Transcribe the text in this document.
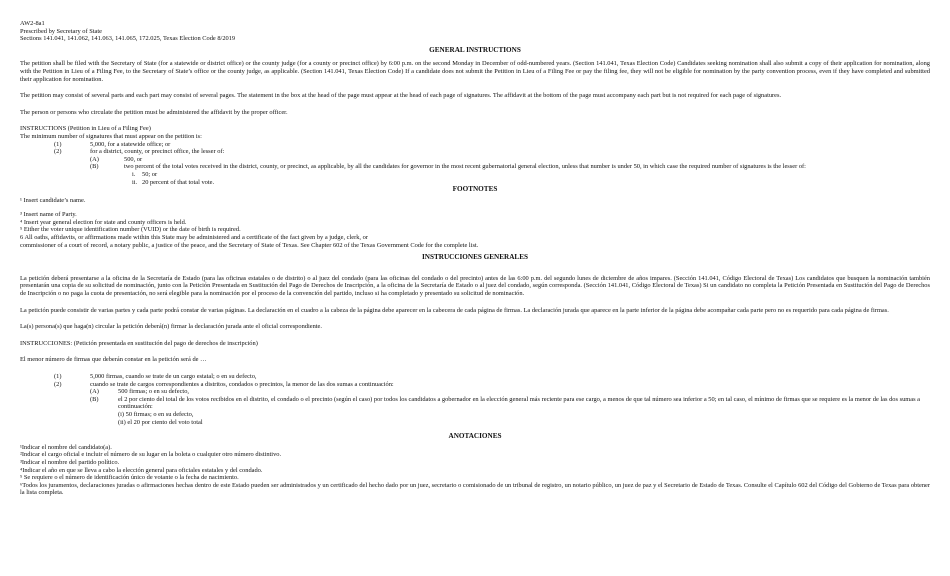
AW2-8a1
Prescribed by Secretary of State
Sections 141.041, 141.062, 141.063, 141.065, 172.025, Texas Election Code 8/2019
GENERAL INSTRUCTIONS

The petition shall be filed with the Secretary of State (for a statewide or district office) or the county judge (for a county or precinct office) by 6:00 p.m. on the second Monday in December of odd-numbered years. (Section 141.041, Texas Election Code) Candidates seeking nomination shall also submit a copy of their application for nomination, along with the Petition in Lieu of a Filing Fee, to the Secretary of State’s office or the county judge, as applicable. (Section 141.041, Texas Election Code) If a candidate does not submit the Petition in Lieu of a Filing Fee or pay the filing fee, they will not be eligible for nomination by the party convention process, even if they have completed and submitted their application for nomination.

The petition may consist of several parts and each part may consist of several pages. The statement in the box at the head of the page must appear at the head of each page of signatures. The affidavit at the bottom of the page must accompany each part but is not required for each page of signatures.

The person or persons who circulate the petition must be administered the affidavit by the proper officer.

INSTRUCTIONS (Petition in Lieu of a Filing Fee)
The minimum number of signatures that must appear on the petition is:
(1)	5,000, for a statewide office; or
(2)	for a district, county, or precinct office, the lesser of:
(A)	500, or
(B)	two percent of the total votes received in the district, county, or precinct, as applicable, by all the candidates for governor in the most recent gubernatorial general election, unless that number is under 50, in which case the required number of signatures is the lesser of:
i.	50; or
ii. 20 percent of that total vote.
FOOTNOTES
¹ Insert candidate’s name.
³ Insert name of Party.
⁴ Insert year general election for state and county officers is held.
⁵ Either the voter unique identification number (VUID) or the date of birth is required.
6 All oaths, affidavits, or affirmations made within this State may be administered and a certificate of the fact given by a judge, clerk, or
commissioner of a court of record, a notary public, a justice of the peace, and the Secretary of State of Texas. See Chapter 602 of the Texas Government Code for the complete list.
INSTRUCCIONES GENERALES

La petición deberá presentarse a la oficina de la Secretaría de Estado (para las oficinas estatales o de distrito) o al juez del condado (para las oficinas del condado o del precinto) antes de las 6:00 p.m. del segundo lunes de diciembre de años impares. (Sección 141.041, Código Electoral de Texas) Los candidatos que busquen la nominación también presentarán una copia de su solicitud de nominación, junto con la Petición Presentada en Sustitución del Pago de Derechos de Inscripción, a la oficina de la Secretaría de Estado o al juez del condado, según corresponda. (Sección 141.041, Código Electoral de Texas) Si un candidato no completa la Petición Presentada en Sustitución del Pago de Derechos de Inscripción o no paga la cuota de presentación, no será elegible para la nominación por el proceso de la convención del partido, incluso si ha completado y presentado su solicitud de nominación.

La petición puede consistir de varias partes y cada parte podrá constar de varias páginas. La declaración en el cuadro a la cabeza de la página debe aparecer en la cabecera de cada página de firmas. La declaración jurada que aparece en la parte inferior de la página debe acompañar cada parte pero no es requerido para cada página de firmas.

La(s) persona(s) que haga(n) circular la petición deberá(n) firmar la declaración jurada ante el oficial correspondiente.

INSTRUCCIONES: (Petición presentada en sustitución del pago de derechos de inscripción)

El menor número de firmas que deberán constar en la petición será de …

(1)	5,000 firmas, cuando se trate de un cargo estatal; o en su defecto,
(2)	cuando se trate de cargos correspondientes a distritos, condados o precintos, la menor de las dos sumas a continuación:
(A)	500 firmas; o en su defecto,
(B)	el 2 por ciento del total de los votos recibidos en el distrito, el condado o el precinto (según el caso) por todos los candidatos a gobernador en la elección general más reciente para ese cargo, a menos de que tal número sea inferior a 50; en tal caso, el mínimo de firmas que se requiere es la menor de las dos sumas a continuación:
(i) 50 firmas; o en su defecto,
(ii) el 20 por ciento del voto total
ANOTACIONES
¹Indicar el nombre del candidato(a).
²Indicar el cargo oficial e incluir el número de su lugar en la boleta o cualquier otro número distintivo.
³Indicar el nombre del partido político.
⁴Indicar el año en que se lleva a cabo la elección general para oficiales estatales y del condado.
⁵ Se requiere o el número de identificación único de votante o la fecha de nacimiento.
⁶Todos los juramentos, declaraciones juradas o afirmaciones hechas dentro de este Estado pueden ser administrados y un certificado del hecho dado por un juez, secretario o comisionado de un tribunal de registro, un notario público, un juez de paz y el Secretario de Estado de Texas. Consulte el Capítulo 602 del Código del Gobierno de Texas para obtener la lista completa.
